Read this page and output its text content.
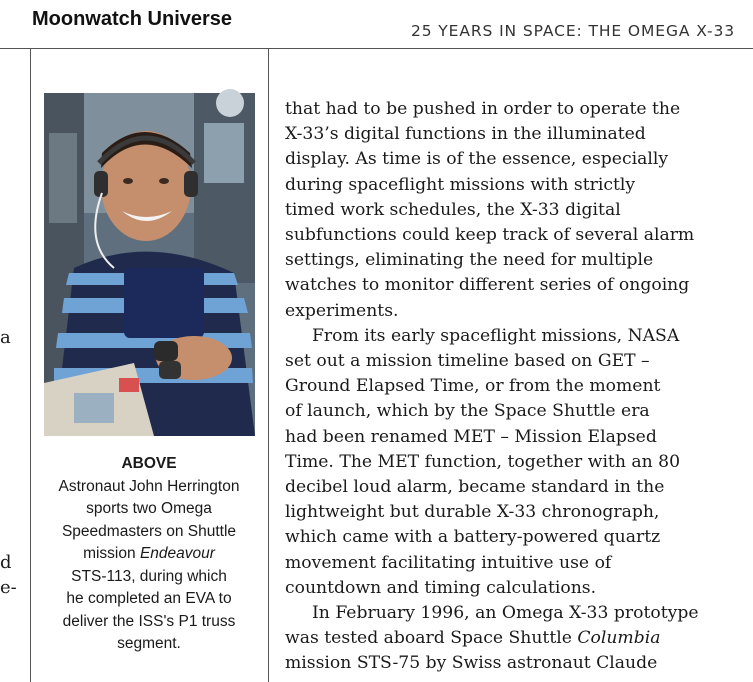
Moonwatch Universe
25 YEARS IN SPACE: THE OMEGA X-33
a
d
e-
ABOVE
Astronaut John Herrington
sports two Omega
Speedmasters on Shuttle
mission Endeavour
STS-113, during which
he completed an EVA to
deliver the ISS's P1 truss
segment.
that had to be pushed in order to operate the
X-33’s digital functions in the illuminated
display. As time is of the essence, especially
during spaceflight missions with strictly
timed work schedules, the X-33 digital
subfunctions could keep track of several alarm
settings, eliminating the need for multiple
watches to monitor different series of ongoing
experiments.
From its early spaceflight missions, NASA
set out a mission timeline based on GET –
Ground Elapsed Time, or from the moment
of launch, which by the Space Shuttle era
had been renamed MET – Mission Elapsed
Time. The MET function, together with an 80
decibel loud alarm, became standard in the
lightweight but durable X-33 chronograph,
which came with a battery-powered quartz
movement facilitating intuitive use of
countdown and timing calculations.
In February 1996, an Omega X-33 prototype
was tested aboard Space Shuttle Columbia
mission STS-75 by Swiss astronaut Claude
